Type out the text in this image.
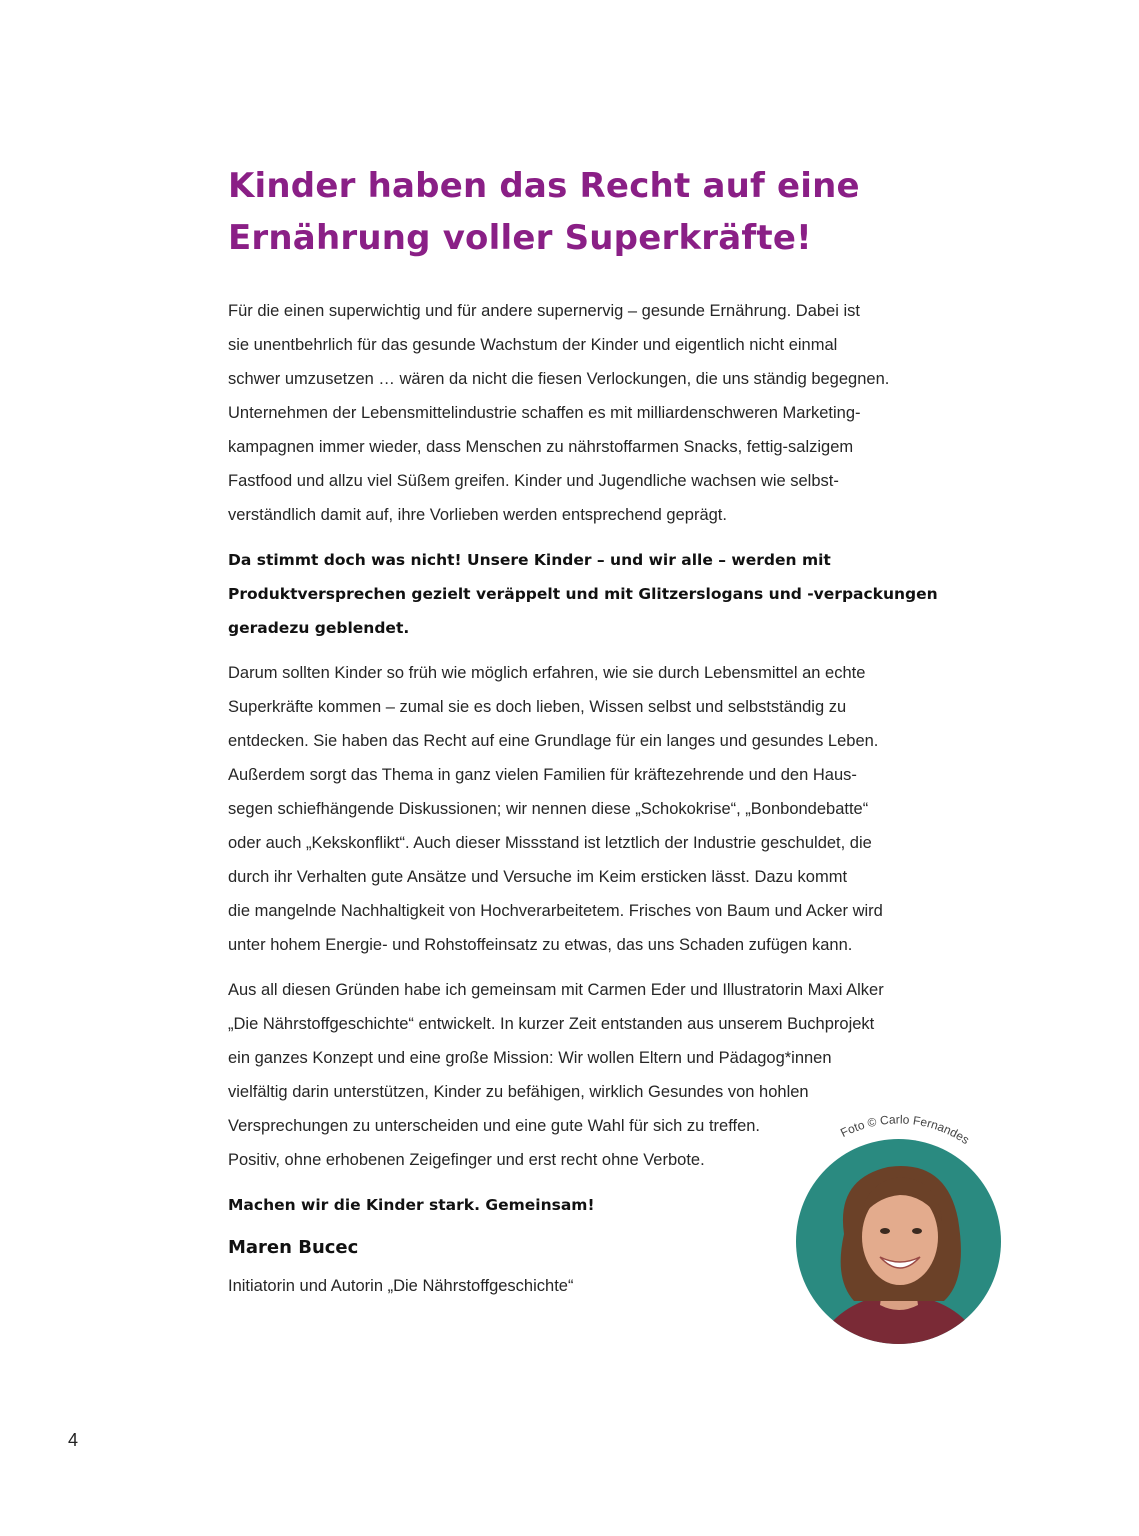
Kinder haben das Recht auf eine
Ernährung voller Superkräfte!

Für die einen superwichtig und für andere supernervig – gesunde Ernährung. Dabei ist
sie unentbehrlich für das gesunde Wachstum der Kinder und eigentlich nicht einmal
schwer umzusetzen … wären da nicht die fiesen Verlockungen, die uns ständig begegnen.
Unternehmen der Lebensmittelindustrie schaffen es mit milliardenschweren Marketing-
kampagnen immer wieder, dass Menschen zu nährstoffarmen Snacks, fettig-salzigem
Fastfood und allzu viel Süßem greifen. Kinder und Jugendliche wachsen wie selbst-
verständlich damit auf, ihre Vorlieben werden entsprechend geprägt.

Da stimmt doch was nicht! Unsere Kinder – und wir alle – werden mit
Produktversprechen gezielt veräppelt und mit Glitzerslogans und -verpackungen
geradezu geblendet.

Darum sollten Kinder so früh wie möglich erfahren, wie sie durch Lebensmittel an echte
Superkräfte kommen – zumal sie es doch lieben, Wissen selbst und selbstständig zu
entdecken. Sie haben das Recht auf eine Grundlage für ein langes und gesundes Leben.
Außerdem sorgt das Thema in ganz vielen Familien für kräftezehrende und den Haus-
segen schiefhängende Diskussionen; wir nennen diese „Schokokrise“, „Bonbondebatte“
oder auch „Kekskonflikt“. Auch dieser Missstand ist letztlich der Industrie geschuldet, die
durch ihr Verhalten gute Ansätze und Versuche im Keim ersticken lässt. Dazu kommt
die mangelnde Nachhaltigkeit von Hochverarbeitetem. Frisches von Baum und Acker wird
unter hohem Energie- und Rohstoffeinsatz zu etwas, das uns Schaden zufügen kann.

Aus all diesen Gründen habe ich gemeinsam mit Carmen Eder und Illustratorin Maxi Alker
„Die Nährstoffgeschichte“ entwickelt. In kurzer Zeit entstanden aus unserem Buchprojekt
ein ganzes Konzept und eine große Mission: Wir wollen Eltern und Pädagog*innen
vielfältig darin unterstützen, Kinder zu befähigen, wirklich Gesundes von hohlen
Versprechungen zu unterscheiden und eine gute Wahl für sich zu treffen.
Positiv, ohne erhobenen Zeigefinger und erst recht ohne Verbote.

Machen wir die Kinder stark. Gemeinsam!

Maren Bucec
Initiatorin und Autorin „Die Nährstoffgeschichte“
Foto © Carlo Fernandes
4
